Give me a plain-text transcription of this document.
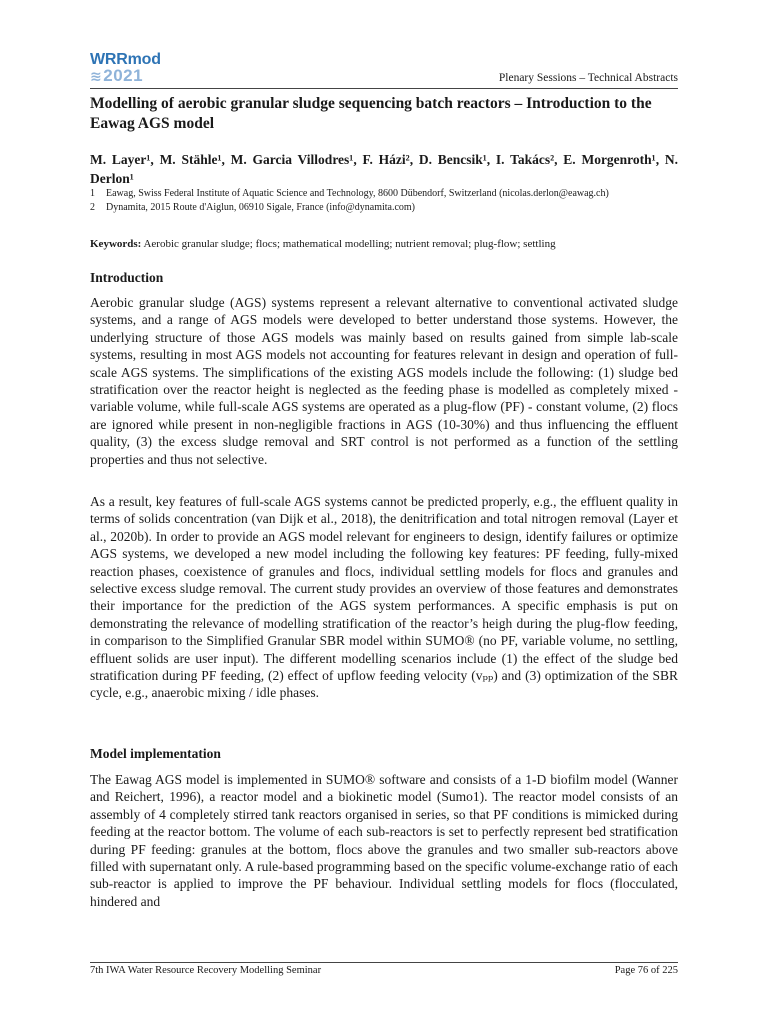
WRRmod
≋2021	Plenary Sessions – Technical Abstracts
Modelling of aerobic granular sludge sequencing batch reactors – Introduction to the Eawag AGS model
M. Layer¹, M. Stähle¹, M. Garcia Villodres¹, F. Házi², D. Bencsik¹, I. Takács², E. Morgenroth¹, N. Derlon¹
1 Eawag, Swiss Federal Institute of Aquatic Science and Technology, 8600 Dübendorf, Switzerland (nicolas.derlon@eawag.ch)
2 Dynamita, 2015 Route d'Aiglun, 06910 Sigale, France (info@dynamita.com)
Keywords: Aerobic granular sludge; flocs; mathematical modelling; nutrient removal; plug-flow; settling
Introduction

Aerobic granular sludge (AGS) systems represent a relevant alternative to conventional activated sludge systems, and a range of AGS models were developed to better understand those systems. However, the underlying structure of those AGS models was mainly based on results gained from simple lab-scale systems, resulting in most AGS models not accounting for features relevant in design and operation of full-scale AGS systems. The simplifications of the existing AGS models include the following: (1) sludge bed stratification over the reactor height is neglected as the feeding phase is modelled as completely mixed - variable volume, while full-scale AGS systems are operated as a plug-flow (PF) - constant volume, (2) flocs are ignored while present in non-negligible fractions in AGS (10-30%) and thus influencing the effluent quality, (3) the excess sludge removal and SRT control is not performed as a function of the settling properties and thus not selective.

As a result, key features of full-scale AGS systems cannot be predicted properly, e.g., the effluent quality in terms of solids concentration (van Dijk et al., 2018), the denitrification and total nitrogen removal (Layer et al., 2020b). In order to provide an AGS model relevant for engineers to design, identify failures or optimize AGS systems, we developed a new model including the following key features: PF feeding, fully-mixed reaction phases, coexistence of granules and flocs, individual settling models for flocs and granules and selective excess sludge removal. The current study provides an overview of those features and demonstrates their importance for the prediction of the AGS system performances. A specific emphasis is put on demonstrating the relevance of modelling stratification of the reactor’s heigh during the plug-flow feeding, in comparison to the Simplified Granular SBR model within SUMO® (no PF, variable volume, no settling, effluent solids are user input). The different modelling scenarios include (1) the effect of the sludge bed stratification during PF feeding, (2) effect of upflow feeding velocity (vₚₚ) and (3) optimization of the SBR cycle, e.g., anaerobic mixing / idle phases.

Model implementation

The Eawag AGS model is implemented in SUMO® software and consists of a 1-D biofilm model (Wanner and Reichert, 1996), a reactor model and a biokinetic model (Sumo1). The reactor model consists of an assembly of 4 completely stirred tank reactors organised in series, so that PF conditions is mimicked during feeding at the reactor bottom. The volume of each sub-reactors is set to perfectly represent bed stratification during PF feeding: granules at the bottom, flocs above the granules and two smaller sub-reactors above filled with supernatant only. A rule-based programming based on the specific volume-exchange ratio of each sub-reactor is applied to improve the PF behaviour. Individual settling models for flocs (flocculated, hindered and

7th IWA Water Resource Recovery Modelling Seminar	Page 76 of 225
